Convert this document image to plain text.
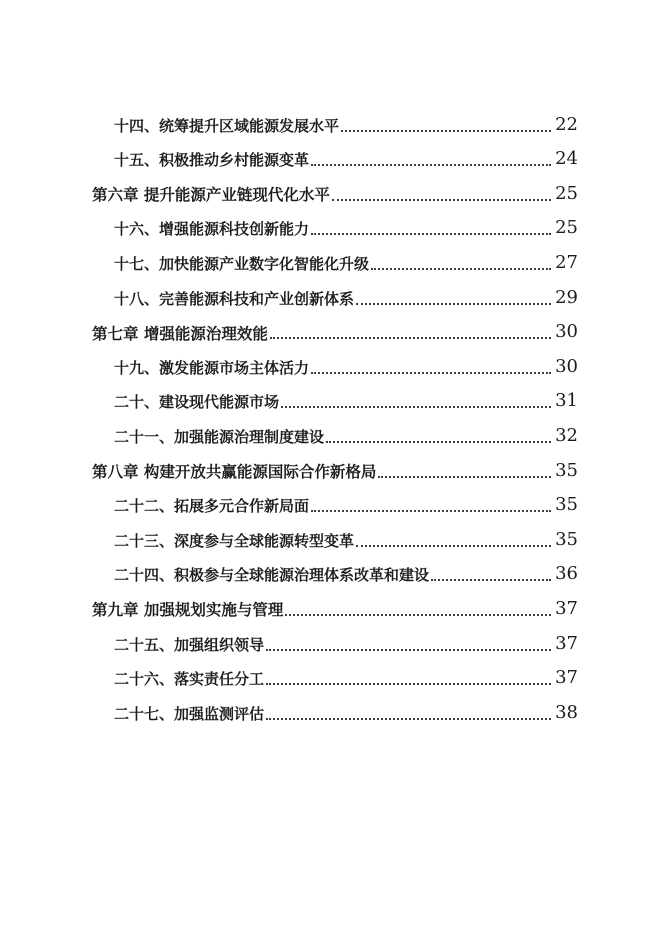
十四、统筹提升区域能源发展水平	22
十五、积极推动乡村能源变革	24
第六章 提升能源产业链现代化水平	25
十六、增强能源科技创新能力	25
十七、加快能源产业数字化智能化升级	27
十八、完善能源科技和产业创新体系	29
第七章 增强能源治理效能	30
十九、激发能源市场主体活力	30
二十、建设现代能源市场	31
二十一、加强能源治理制度建设	32
第八章 构建开放共赢能源国际合作新格局	35
二十二、拓展多元合作新局面	35
二十三、深度参与全球能源转型变革	35
二十四、积极参与全球能源治理体系改革和建设	36
第九章 加强规划实施与管理	37
二十五、加强组织领导	37
二十六、落实责任分工	37
二十七、加强监测评估	38
